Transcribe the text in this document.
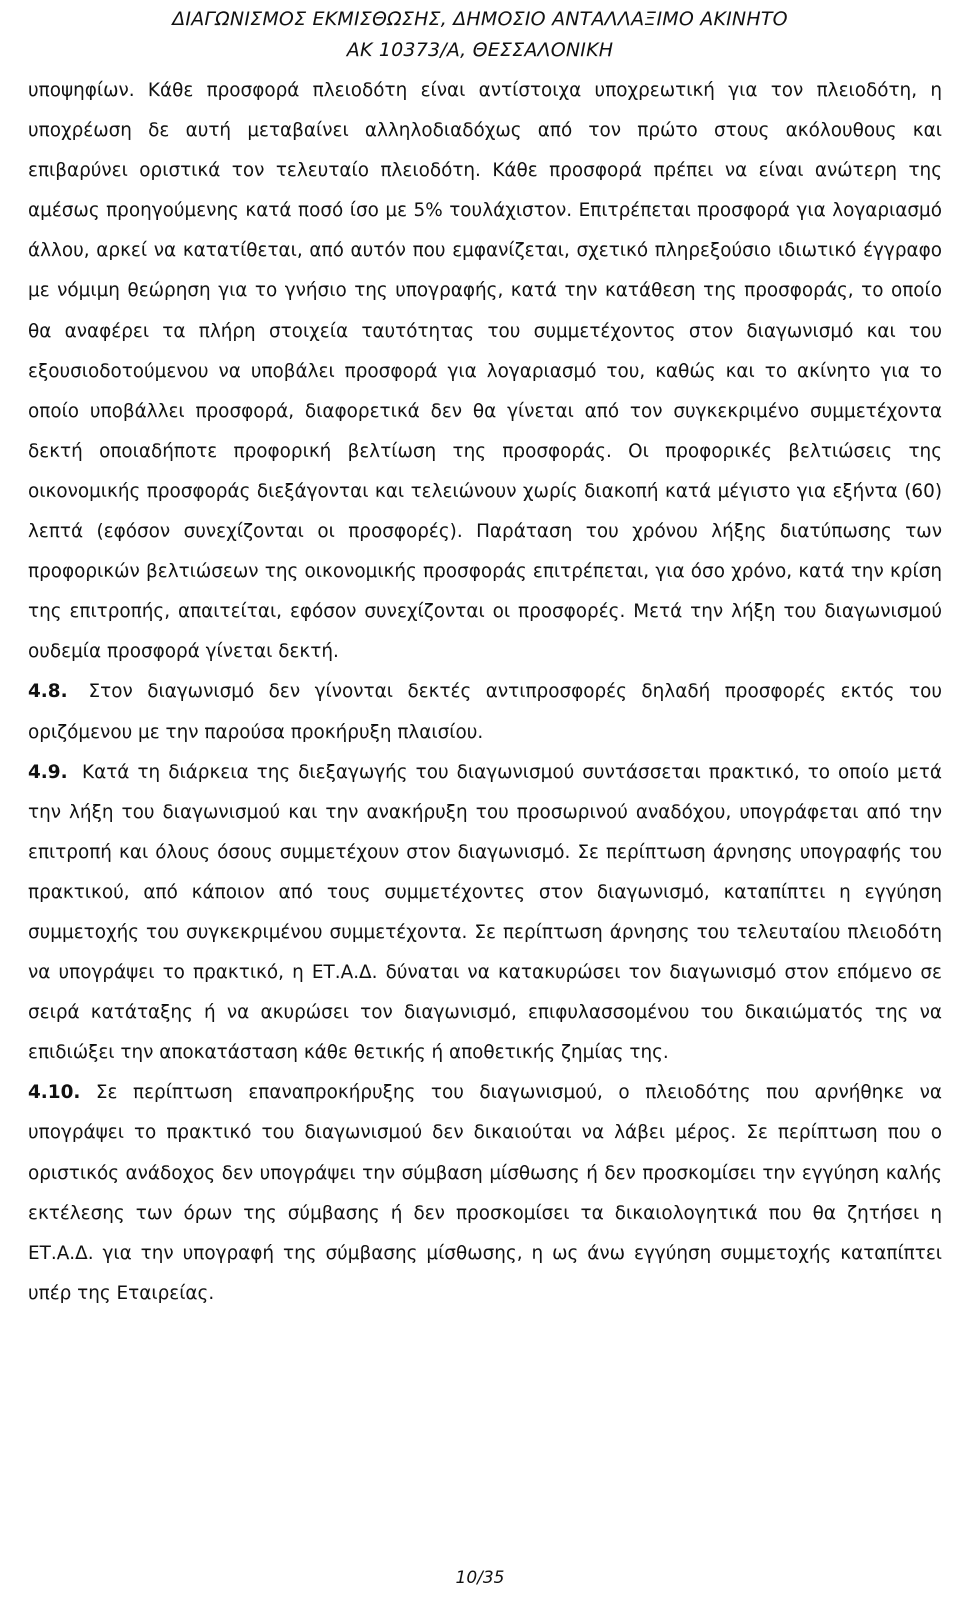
ΔΙΑΓΩΝΙΣΜΟΣ ΕΚΜΙΣΘΩΣΗΣ, ΔΗΜΟΣΙΟ ΑΝΤΑΛΛΑΞΙΜΟ ΑΚΙΝΗΤΟ
ΑΚ 10373/Α, ΘΕΣΣΑΛΟΝΙΚΗ

υποψηφίων. Κάθε προσφορά πλειοδότη είναι αντίστοιχα υποχρεωτική για τον πλειοδότη, η υποχρέωση δε αυτή μεταβαίνει αλληλοδιαδόχως από τον πρώτο στους ακόλουθους και επιβαρύνει οριστικά τον τελευταίο πλειοδότη. Κάθε προσφορά πρέπει να είναι ανώτερη της αμέσως προηγούμενης κατά ποσό ίσο με 5% τουλάχιστον. Επιτρέπεται προσφορά για λογαριασμό άλλου, αρκεί να κατατίθεται, από αυτόν που εμφανίζεται, σχετικό πληρεξούσιο ιδιωτικό έγγραφο με νόμιμη θεώρηση για το γνήσιο της υπογραφής, κατά την κατάθεση της προσφοράς, το οποίο θα αναφέρει τα πλήρη στοιχεία ταυτότητας του συμμετέχοντος στον διαγωνισμό και του εξουσιοδοτούμενου να υποβάλει προσφορά για λογαριασμό του, καθώς και το ακίνητο για το οποίο υποβάλλει προσφορά, διαφορετικά δεν θα γίνεται από τον συγκεκριμένο συμμετέχοντα δεκτή οποιαδήποτε προφορική βελτίωση της προσφοράς. Οι προφορικές βελτιώσεις της οικονομικής προσφοράς διεξάγονται και τελειώνουν χωρίς διακοπή κατά μέγιστο για εξήντα (60) λεπτά (εφόσον συνεχίζονται οι προσφορές). Παράταση του χρόνου λήξης διατύπωσης των προφορικών βελτιώσεων της οικονομικής προσφοράς επιτρέπεται, για όσο χρόνο, κατά την κρίση της επιτροπής, απαιτείται, εφόσον συνεχίζονται οι προσφορές. Μετά την λήξη του διαγωνισμού ουδεμία προσφορά γίνεται δεκτή.

4.8. Στον διαγωνισμό δεν γίνονται δεκτές αντιπροσφορές δηλαδή προσφορές εκτός του οριζόμενου με την παρούσα προκήρυξη πλαισίου.

4.9. Κατά τη διάρκεια της διεξαγωγής του διαγωνισμού συντάσσεται πρακτικό, το οποίο μετά την λήξη του διαγωνισμού και την ανακήρυξη του προσωρινού αναδόχου, υπογράφεται από την επιτροπή και όλους όσους συμμετέχουν στον διαγωνισμό. Σε περίπτωση άρνησης υπογραφής του πρακτικού, από κάποιον από τους συμμετέχοντες στον διαγωνισμό, καταπίπτει η εγγύηση συμμετοχής του συγκεκριμένου συμμετέχοντα. Σε περίπτωση άρνησης του τελευταίου πλειοδότη να υπογράψει το πρακτικό, η ΕΤ.Α.Δ. δύναται να κατακυρώσει τον διαγωνισμό στον επόμενο σε σειρά κατάταξης ή να ακυρώσει τον διαγωνισμό, επιφυλασσομένου του δικαιώματός της να επιδιώξει την αποκατάσταση κάθε θετικής ή αποθετικής ζημίας της.

4.10. Σε περίπτωση επαναπροκήρυξης του διαγωνισμού, ο πλειοδότης που αρνήθηκε να υπογράψει το πρακτικό του διαγωνισμού δεν δικαιούται να λάβει μέρος. Σε περίπτωση που ο οριστικός ανάδοχος δεν υπογράψει την σύμβαση μίσθωσης ή δεν προσκομίσει την εγγύηση καλής εκτέλεσης των όρων της σύμβασης ή δεν προσκομίσει τα δικαιολογητικά που θα ζητήσει η ΕΤ.Α.Δ. για την υπογραφή της σύμβασης μίσθωσης, η ως άνω εγγύηση συμμετοχής καταπίπτει υπέρ της Εταιρείας.

10/35
